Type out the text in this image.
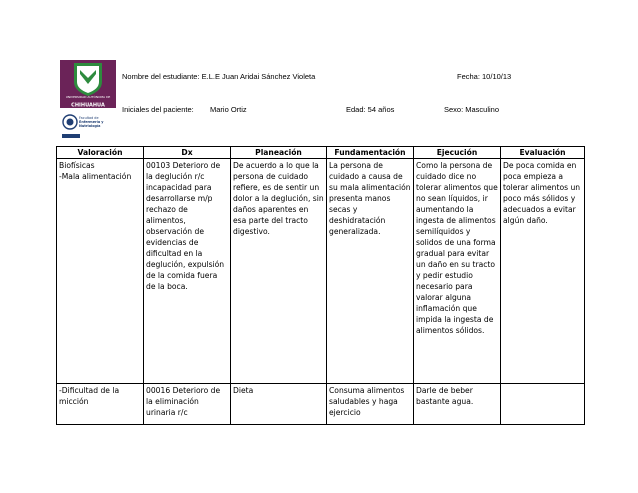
UNIVERSIDAD AUTÓNOMA DE
CHIHUAHUA
Facultad de
Enfermería y
Nutriología
Nombre del estudiante: E.L.E Juan Aridai Sánchez Violeta	Fecha: 10/10/13
Iniciales del paciente: Mario Ortiz	Edad: 54 años	Sexo: Masculino
Valoración	Dx	Planeación	Fundamentación	Ejecución	Evaluación

Biofísicas
-Mala alimentación	00103 Deterioro de la deglución r/c incapacidad para desarrollarse m/p rechazo de alimentos, observación de evidencias de dificultad en la deglución, expulsión de la comida fuera de la boca.	De acuerdo a lo que la persona de cuidado refiere, es de sentir un dolor a la deglución, sin daños aparentes en esa parte del tracto digestivo.	La persona de cuidado a causa de su mala alimentación presenta manos secas y deshidratación generalizada.	Como la persona de cuidado dice no tolerar alimentos que no sean líquidos, ir aumentando la ingesta de alimentos semilíquidos y solidos de una forma gradual para evitar un daño en su tracto y pedir estudio necesario para valorar alguna inflamación que impida la ingesta de alimentos sólidos.	De poca comida en poca empieza a tolerar alimentos un poco más sólidos y adecuados a evitar algún daño.

-Dificultad de la micción	00016 Deterioro de la eliminación urinaria r/c	Dieta	Consuma alimentos saludables y haga ejercicio	Darle de beber bastante agua.	
